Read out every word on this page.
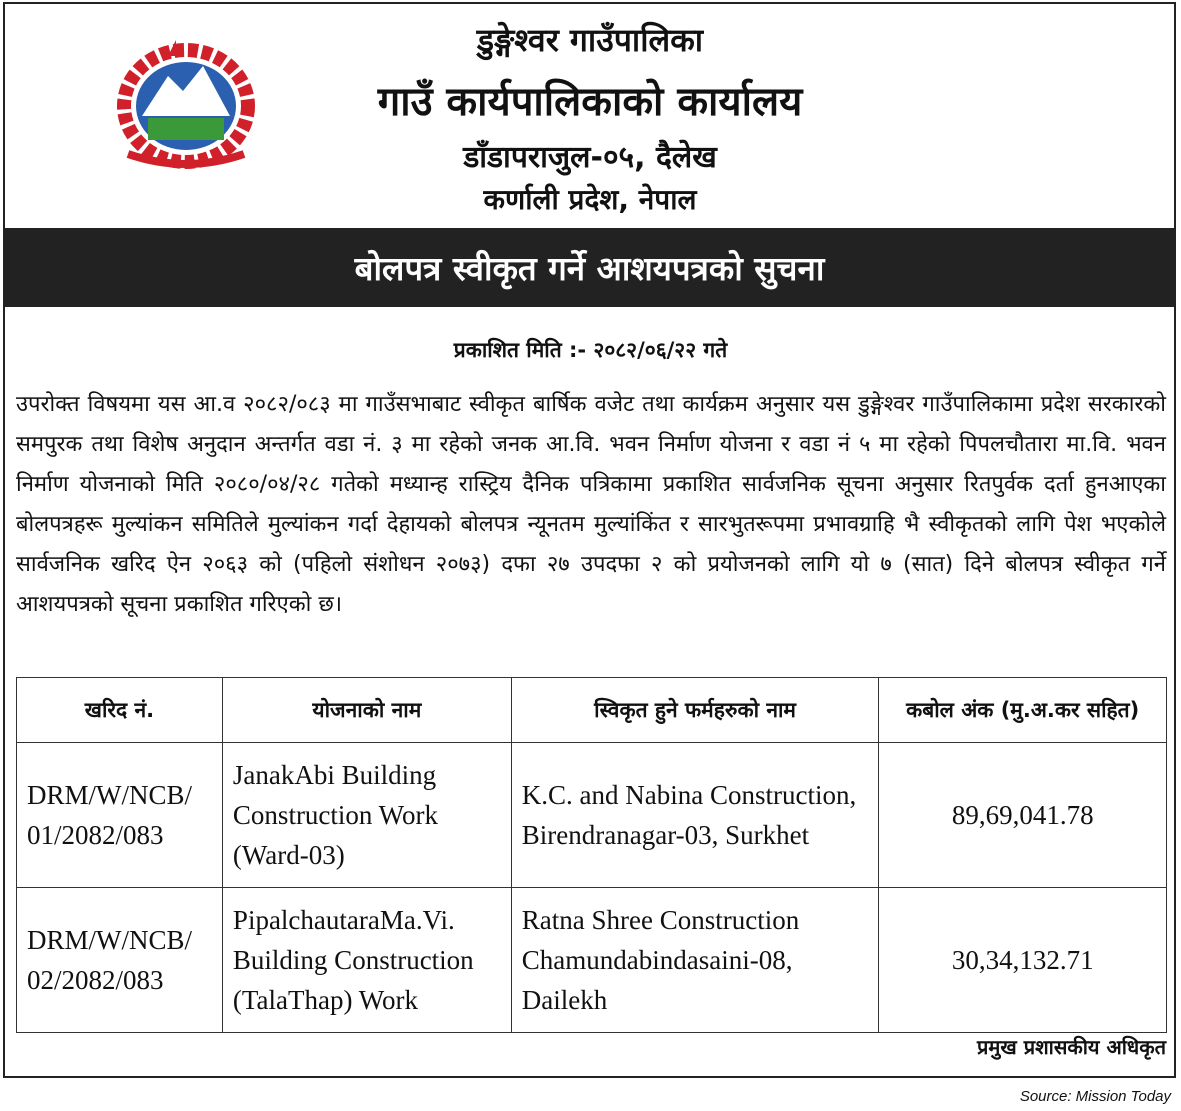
डुङ्गेश्वर गाउँपालिका
गाउँ कार्यपालिकाको कार्यालय
डाँडापराजुल-०५, दैलेख
कर्णाली प्रदेश, नेपाल
बोलपत्र स्वीकृत गर्ने आशयपत्रको सुचना
प्रकाशित मिति :- २०८२/०६/२२ गते
उपरोक्त विषयमा यस आ.व २०८२/०८३ मा गाउँसभाबाट स्वीकृत बार्षिक वजेट तथा कार्यक्रम अनुसार यस डुङ्गेश्वर गाउँपालिकामा प्रदेश सरकारको समपुरक तथा विशेष अनुदान अन्तर्गत वडा नं. ३ मा रहेको जनक आ.वि. भवन निर्माण योजना र वडा नं ५ मा रहेको पिपलचौतारा मा.वि. भवन निर्माण योजनाको मिति २०८०/०४/२८ गतेको मध्यान्ह रास्ट्रिय दैनिक पत्रिकामा प्रकाशित सार्वजनिक सूचना अनुसार रितपुर्वक दर्ता हुनआएका बोलपत्रहरू मुल्यांकन समितिले मुल्यांकन गर्दा देहायको बोलपत्र न्यूनतम मुल्यांकिंत र सारभुतरूपमा प्रभावग्राहि भै स्वीकृतको लागि पेश भएकोले सार्वजनिक खरिद ऐन २०६३ को (पहिलो संशोधन २०७३) दफा २७ उपदफा २ को प्रयोजनको लागि यो ७ (सात) दिने बोलपत्र स्वीकृत गर्ने आशयपत्रको सूचना प्रकाशित गरिएको छ।
खरिद नं.	योजनाको नाम	स्विकृत हुने फर्महरुको नाम	कबोल अंक (मु.अ.कर सहित)
DRM/W/NCB/ 01/2082/083	JanakAbi Building Construction Work (Ward-03)	K.C. and Nabina Construction, Birendranagar-03, Surkhet	89,69,041.78
DRM/W/NCB/ 02/2082/083	PipalchautaraMa.Vi. Building Construction (TalaThap) Work	Ratna Shree Construction Chamundabindasaini-08, Dailekh	30,34,132.71
प्रमुख प्रशासकीय अधिकृत
Source: Mission Today
